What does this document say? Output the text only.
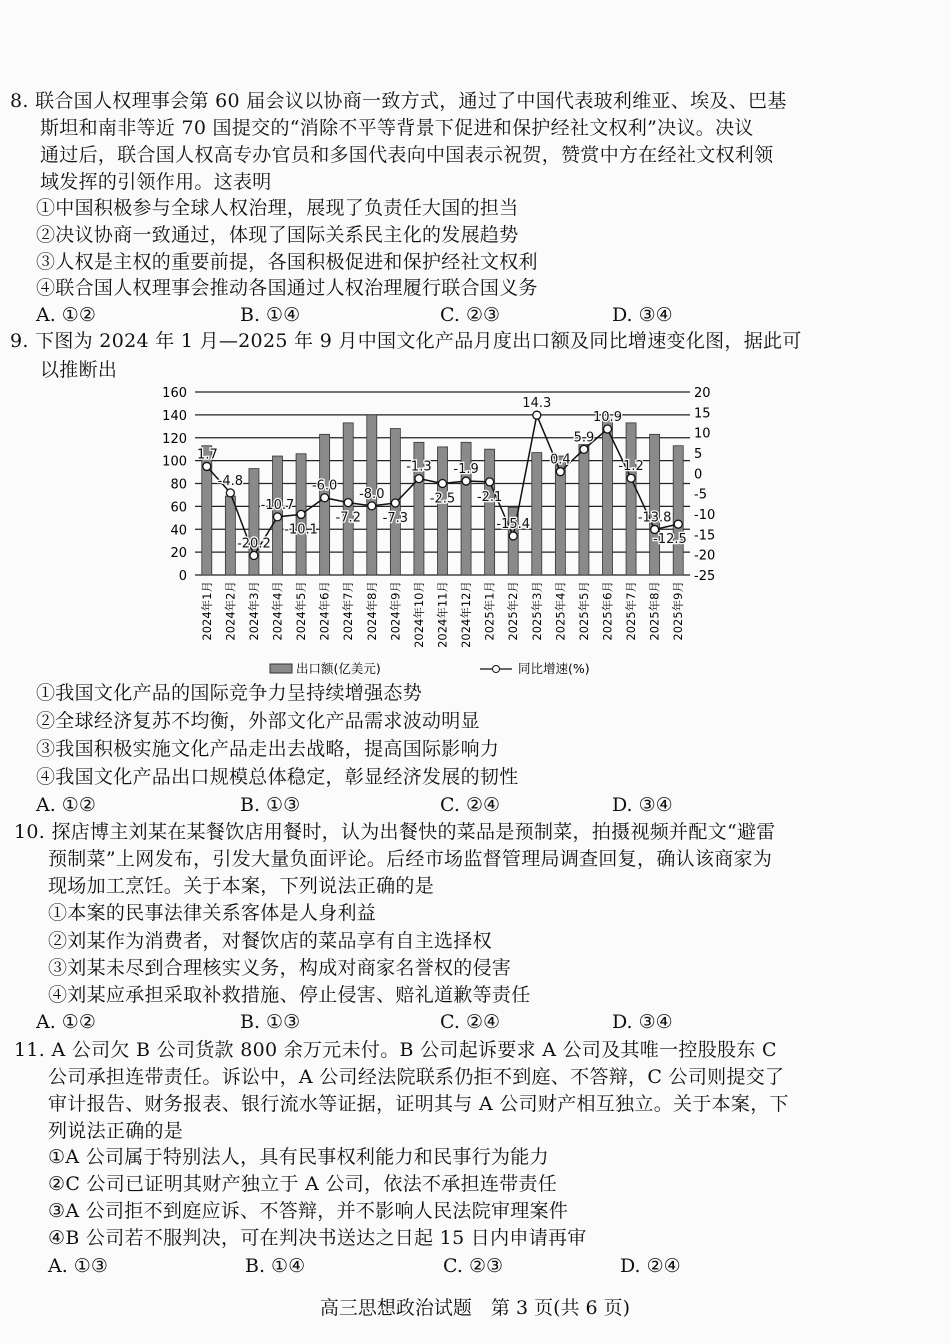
8. 联合国人权理事会第 60 届会议以协商一致方式，通过了中国代表玻利维亚、埃及、巴基
斯坦和南非等近 70 国提交的“消除不平等背景下促进和保护经社文权利”决议。决议
通过后，联合国人权高专办官员和多国代表向中国表示祝贺，赞赏中方在经社文权利领
域发挥的引领作用。这表明
①中国积极参与全球人权治理，展现了负责任大国的担当
②决议协商一致通过，体现了国际关系民主化的发展趋势
③人权是主权的重要前提，各国积极促进和保护经社文权利
④联合国人权理事会推动各国通过人权治理履行联合国义务
A. ①②	B. ①④	C. ②③	D. ③④
9. 下图为 2024 年 1 月—2025 年 9 月中国文化产品月度出口额及同比增速变化图，据此可
以推断出
①我国文化产品的国际竞争力呈持续增强态势
②全球经济复苏不均衡，外部文化产品需求波动明显
③我国积极实施文化产品走出去战略，提高国际影响力
④我国文化产品出口规模总体稳定，彰显经济发展的韧性
A. ①②	B. ①③	C. ②④	D. ③④
10. 探店博主刘某在某餐饮店用餐时，认为出餐快的菜品是预制菜，拍摄视频并配文“避雷
预制菜”上网发布，引发大量负面评论。后经市场监督管理局调查回复，确认该商家为
现场加工烹饪。关于本案，下列说法正确的是
①本案的民事法律关系客体是人身利益
②刘某作为消费者，对餐饮店的菜品享有自主选择权
③刘某未尽到合理核实义务，构成对商家名誉权的侵害
④刘某应承担采取补救措施、停止侵害、赔礼道歉等责任
A. ①②	B. ①③	C. ②④	D. ③④
11. A 公司欠 B 公司货款 800 余万元未付。B 公司起诉要求 A 公司及其唯一控股股东 C
公司承担连带责任。诉讼中，A 公司经法院联系仍拒不到庭、不答辩，C 公司则提交了
审计报告、财务报表、银行流水等证据，证明其与 A 公司财产相互独立。关于本案，下
列说法正确的是
①A 公司属于特别法人，具有民事权利能力和民事行为能力
②C 公司已证明其财产独立于 A 公司，依法不承担连带责任
③A 公司拒不到庭应诉、不答辩，并不影响人民法院审理案件
④B 公司若不服判决，可在判决书送达之日起 15 日内申请再审
A. ①③	B. ①④	C. ②③	D. ②④
0
20
40
60
80
100
120
140
160
-25
-20
-15
-10
-5
0
5
10
15
20
2024年1月 2024年2月 2024年3月 2024年4月 2024年5月 2024年6月 2024年7月 2024年8月 2024年9月 2024年10月 2024年11月 2024年12月 2025年1月 2025年2月 2025年3月 2025年4月 2025年5月 2025年6月 2025年7月 2025年8月 2025年9月
1.7
-4.8
-20.2
-10.7
-10.1
-6.0
-7.2
-8.0
-7.3
-1.3
-2.5
-1.9
-2.1
-15.4
14.3
0.4
5.9
10.9
-1.2
-13.8
-12.5
出口额(亿美元)	同比增速(%)
高三思想政治试题　第 3 页(共 6 页)
